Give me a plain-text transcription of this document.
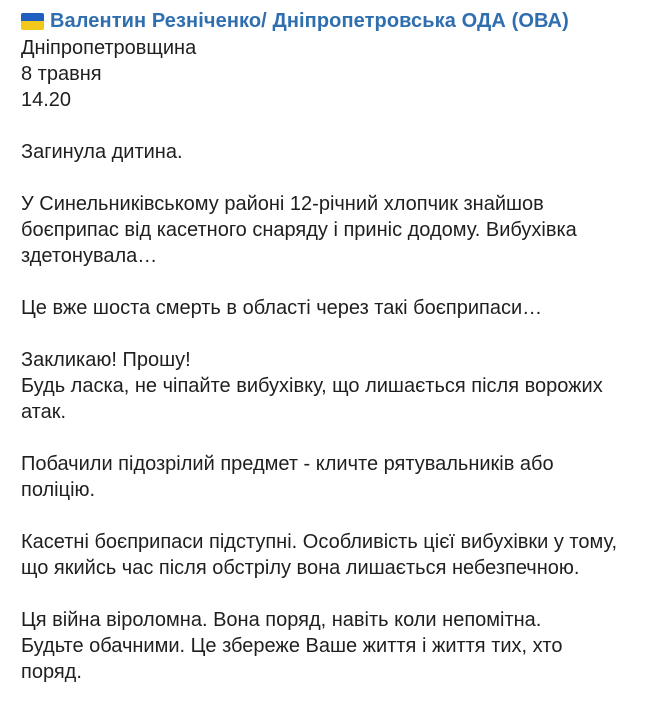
Валентин Резніченко/ Дніпропетровська ОДА (ОВА)

Дніпропетровщина

8 травня

14.20

Загинула дитина.

У Синельниківському районі 12-річний хлопчик знайшов
боєприпас від касетного снаряду і приніс додому. Вибухівка
здетонувала…

Це вже шоста смерть в області через такі боєприпаси…

Закликаю! Прошу!
Будь ласка, не чіпайте вибухівку, що лишається після ворожих
атак.

Побачили підозрілий предмет - кличте рятувальників або
поліцію.

Касетні боєприпаси підступні. Особливість цієї вибухівки у тому,
що якийсь час після обстрілу вона лишається небезпечною.

Ця війна віроломна. Вона поряд, навіть коли непомітна.
Будьте обачними. Це збереже Ваше життя і життя тих, хто
поряд.
